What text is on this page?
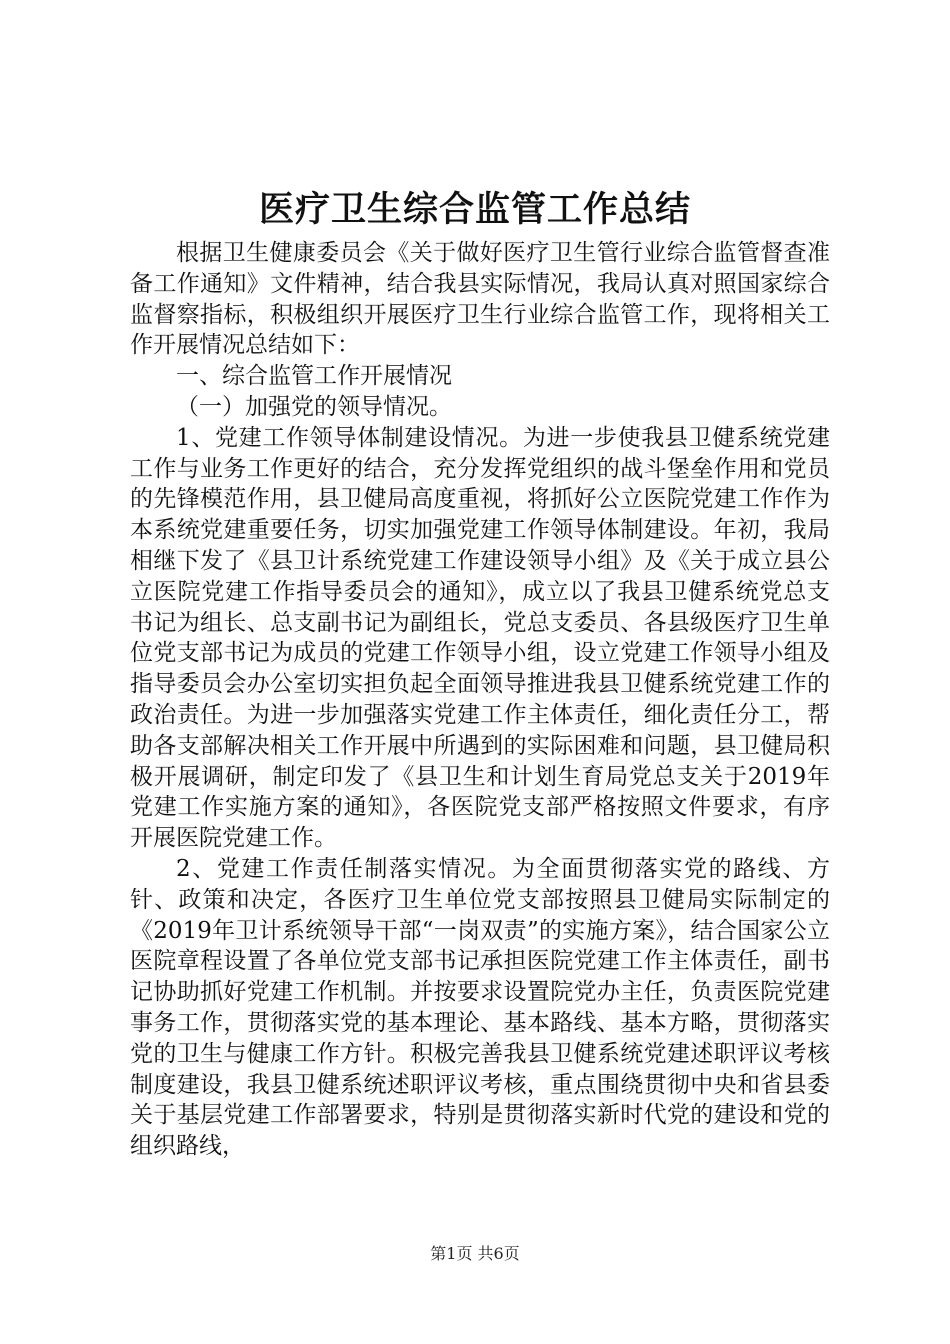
医疗卫生综合监管工作总结

根据卫生健康委员会《关于做好医疗卫生管行业综合监管督查准备工作通知》文件精神，结合我县实际情况，我局认真对照国家综合监督察指标，积极组织开展医疗卫生行业综合监管工作，现将相关工作开展情况总结如下：

一、综合监管工作开展情况

（一）加强党的领导情况。

1、党建工作领导体制建设情况。为进一步使我县卫健系统党建工作与业务工作更好的结合，充分发挥党组织的战斗堡垒作用和党员的先锋模范作用，县卫健局高度重视，将抓好公立医院党建工作作为本系统党建重要任务，切实加强党建工作领导体制建设。年初，我局相继下发了《县卫计系统党建工作建设领导小组》及《关于成立县公立医院党建工作指导委员会的通知》，成立以了我县卫健系统党总支书记为组长、总支副书记为副组长，党总支委员、各县级医疗卫生单位党支部书记为成员的党建工作领导小组，设立党建工作领导小组及指导委员会办公室切实担负起全面领导推进我县卫健系统党建工作的政治责任。为进一步加强落实党建工作主体责任，细化责任分工，帮助各支部解决相关工作开展中所遇到的实际困难和问题，县卫健局积极开展调研，制定印发了《县卫生和计划生育局党总支关于2019年党建工作实施方案的通知》，各医院党支部严格按照文件要求，有序开展医院党建工作。

2、党建工作责任制落实情况。为全面贯彻落实党的路线、方针、政策和决定，各医疗卫生单位党支部按照县卫健局实际制定的《2019年卫计系统领导干部“一岗双责”的实施方案》，结合国家公立医院章程设置了各单位党支部书记承担医院党建工作主体责任，副书记协助抓好党建工作机制。并按要求设置院党办主任，负责医院党建事务工作，贯彻落实党的基本理论、基本路线、基本方略，贯彻落实党的卫生与健康工作方针。积极完善我县卫健系统党建述职评议考核制度建设，我县卫健系统述职评议考核，重点围绕贯彻中央和省县委关于基层党建工作部署要求，特别是贯彻落实新时代党的建设和党的组织路线，

第1页 共6页
